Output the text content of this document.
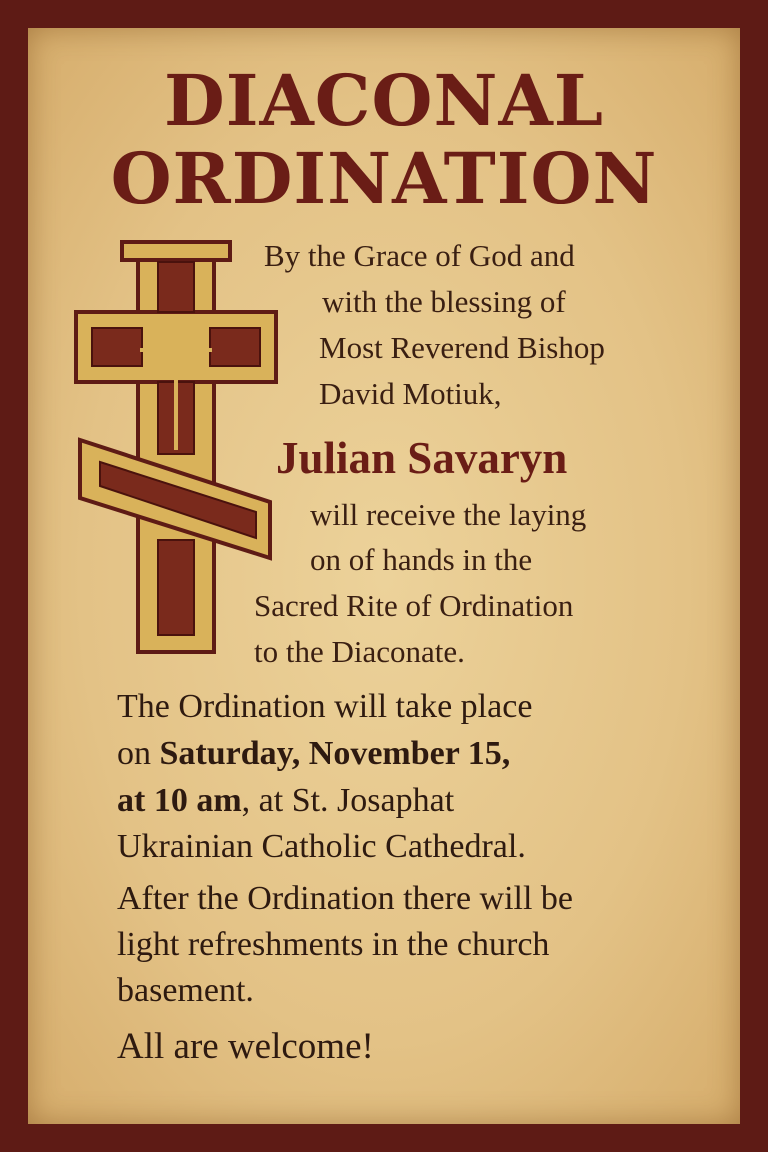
DIACONAL
ORDINATION
By the Grace of God and
with the blessing of
Most Reverend Bishop
David Motiuk,
Julian Savaryn
will receive the laying
on of hands in the
Sacred Rite of Ordination
to the Diaconate.
The Ordination will take place
on Saturday, November 15,
at 10 am, at St. Josaphat
Ukrainian Catholic Cathedral.
After the Ordination there will be
light refreshments in the church
basement.
All are welcome!
